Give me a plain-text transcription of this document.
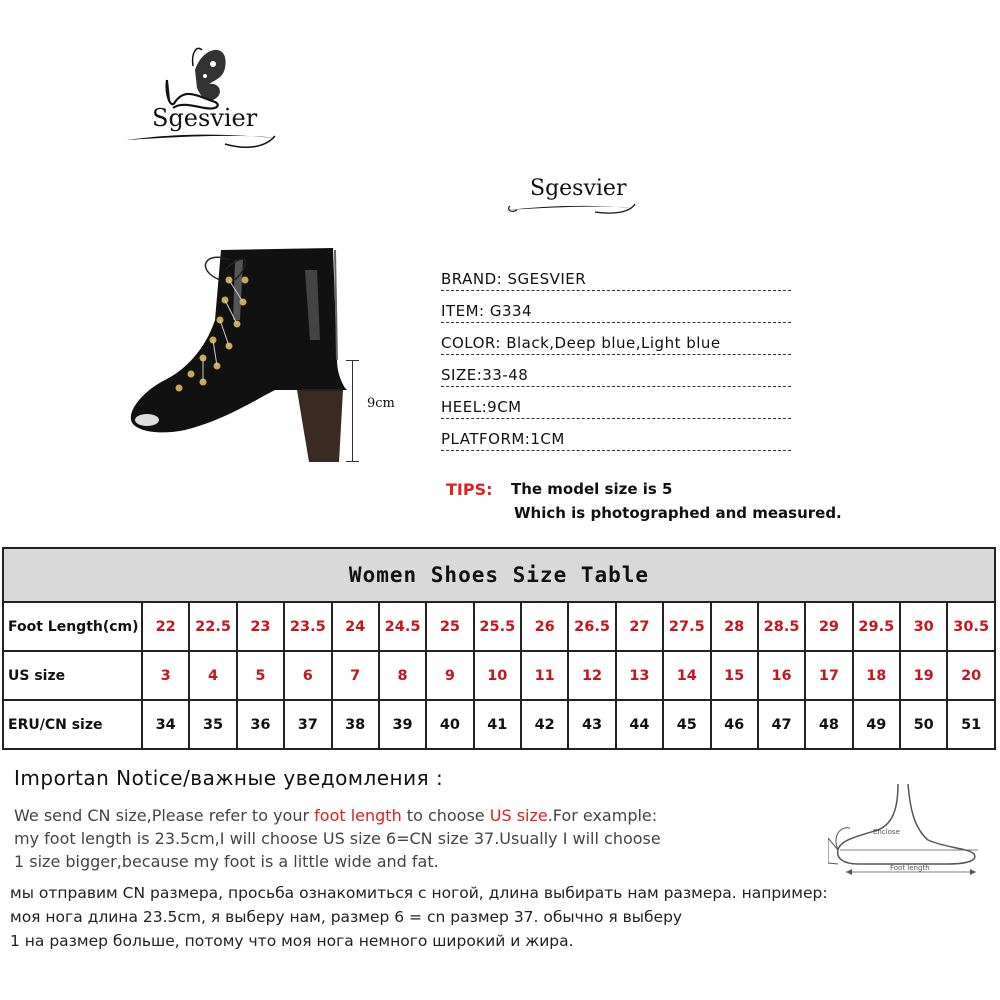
Sgesvier
Sgesvier
9cm
BRAND: SGESVIER
ITEM: G334
COLOR: Black,Deep blue,Light blue
SIZE:33-48
HEEL:9CM
PLATFORM:1CM
TIPS: The model size is 5
Which is photographed and measured.
Women Shoes Size Table																		
Foot Length(cm)	22	22.5	23	23.5	24	24.5	25	25.5	26	26.5	27	27.5	28	28.5	29	29.5	30	30.5
US size	3	4	5	6	7	8	9	10	11	12	13	14	15	16	17	18	19	20
ERU/CN size	34	35	36	37	38	39	40	41	42	43	44	45	46	47	48	49	50	51
Importan Notice/важные уведомления :
We send CN size,Please refer to your foot length to choose US size.For example:
my foot length is 23.5cm,I will choose US size 6=CN size 37.Usually I will choose
1 size bigger,because my foot is a little wide and fat.
мы отправим CN размера, просьба ознакомиться с ногой, длина выбирать нам размера. например:
моя нога длина 23.5cm, я выберу нам, размер 6 = cn размер 37. обычно я выберу
1 на размер больше, потому что моя нога немного широкий и жира.
Enclose
Foot length
